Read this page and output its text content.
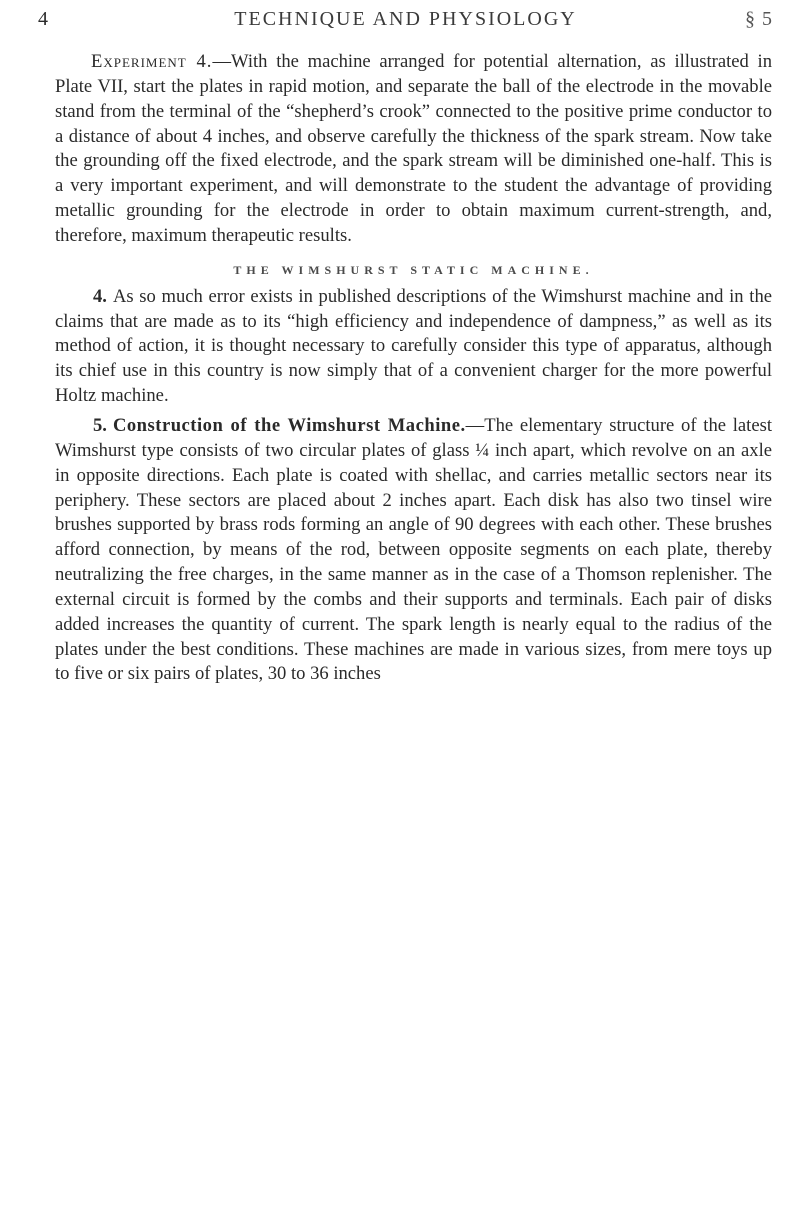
4	TECHNIQUE AND PHYSIOLOGY	§ 5

Experiment 4.—With the machine arranged for potential alternation, as illustrated in Plate VII, start the plates in rapid motion, and separate the ball of the electrode in the movable stand from the terminal of the “shepherd’s crook” connected to the positive prime conductor to a distance of about 4 inches, and observe carefully the thickness of the spark stream. Now take the grounding off the fixed electrode, and the spark stream will be diminished one-half. This is a very important experiment, and will demonstrate to the student the advantage of providing metallic grounding for the electrode in order to obtain maximum current-strength, and, therefore, maximum therapeutic results.

THE WIMSHURST STATIC MACHINE.

4. As so much error exists in published descriptions of the Wimshurst machine and in the claims that are made as to its “high efficiency and independence of dampness,” as well as its method of action, it is thought necessary to carefully consider this type of apparatus, although its chief use in this country is now simply that of a convenient charger for the more powerful Holtz machine.

5. Construction of the Wimshurst Machine.—The elementary structure of the latest Wimshurst type consists of two circular plates of glass ¼ inch apart, which revolve on an axle in opposite directions. Each plate is coated with shellac, and carries metallic sectors near its periphery. These sectors are placed about 2 inches apart. Each disk has also two tinsel wire brushes supported by brass rods forming an angle of 90 degrees with each other. These brushes afford connection, by means of the rod, between opposite segments on each plate, thereby neutralizing the free charges, in the same manner as in the case of a Thomson replenisher. The external circuit is formed by the combs and their supports and terminals. Each pair of disks added increases the quantity of current. The spark length is nearly equal to the radius of the plates under the best conditions. These machines are made in various sizes, from mere toys up to five or six pairs of plates, 30 to 36 inches
